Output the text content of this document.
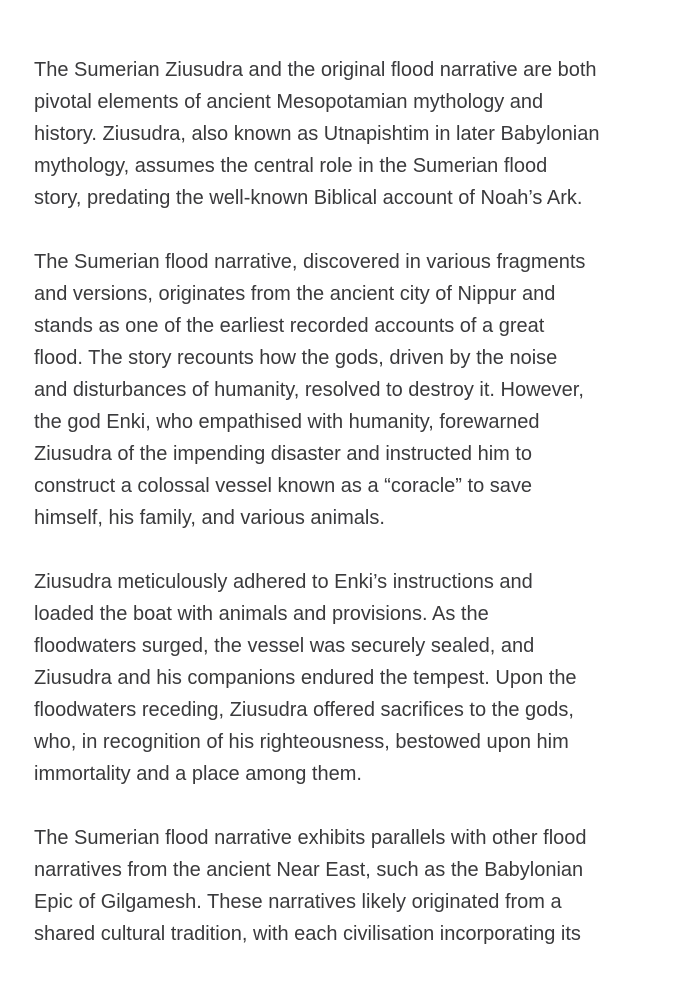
The Sumerian Ziusudra and the original flood narrative are both
pivotal elements of ancient Mesopotamian mythology and
history. Ziusudra, also known as Utnapishtim in later Babylonian
mythology, assumes the central role in the Sumerian flood
story, predating the well-known Biblical account of Noah’s Ark.

The Sumerian flood narrative, discovered in various fragments
and versions, originates from the ancient city of Nippur and
stands as one of the earliest recorded accounts of a great
flood. The story recounts how the gods, driven by the noise
and disturbances of humanity, resolved to destroy it. However,
the god Enki, who empathised with humanity, forewarned
Ziusudra of the impending disaster and instructed him to
construct a colossal vessel known as a “coracle” to save
himself, his family, and various animals.

Ziusudra meticulously adhered to Enki’s instructions and
loaded the boat with animals and provisions. As the
floodwaters surged, the vessel was securely sealed, and
Ziusudra and his companions endured the tempest. Upon the
floodwaters receding, Ziusudra offered sacrifices to the gods,
who, in recognition of his righteousness, bestowed upon him
immortality and a place among them.

The Sumerian flood narrative exhibits parallels with other flood
narratives from the ancient Near East, such as the Babylonian
Epic of Gilgamesh. These narratives likely originated from a
shared cultural tradition, with each civilisation incorporating its
